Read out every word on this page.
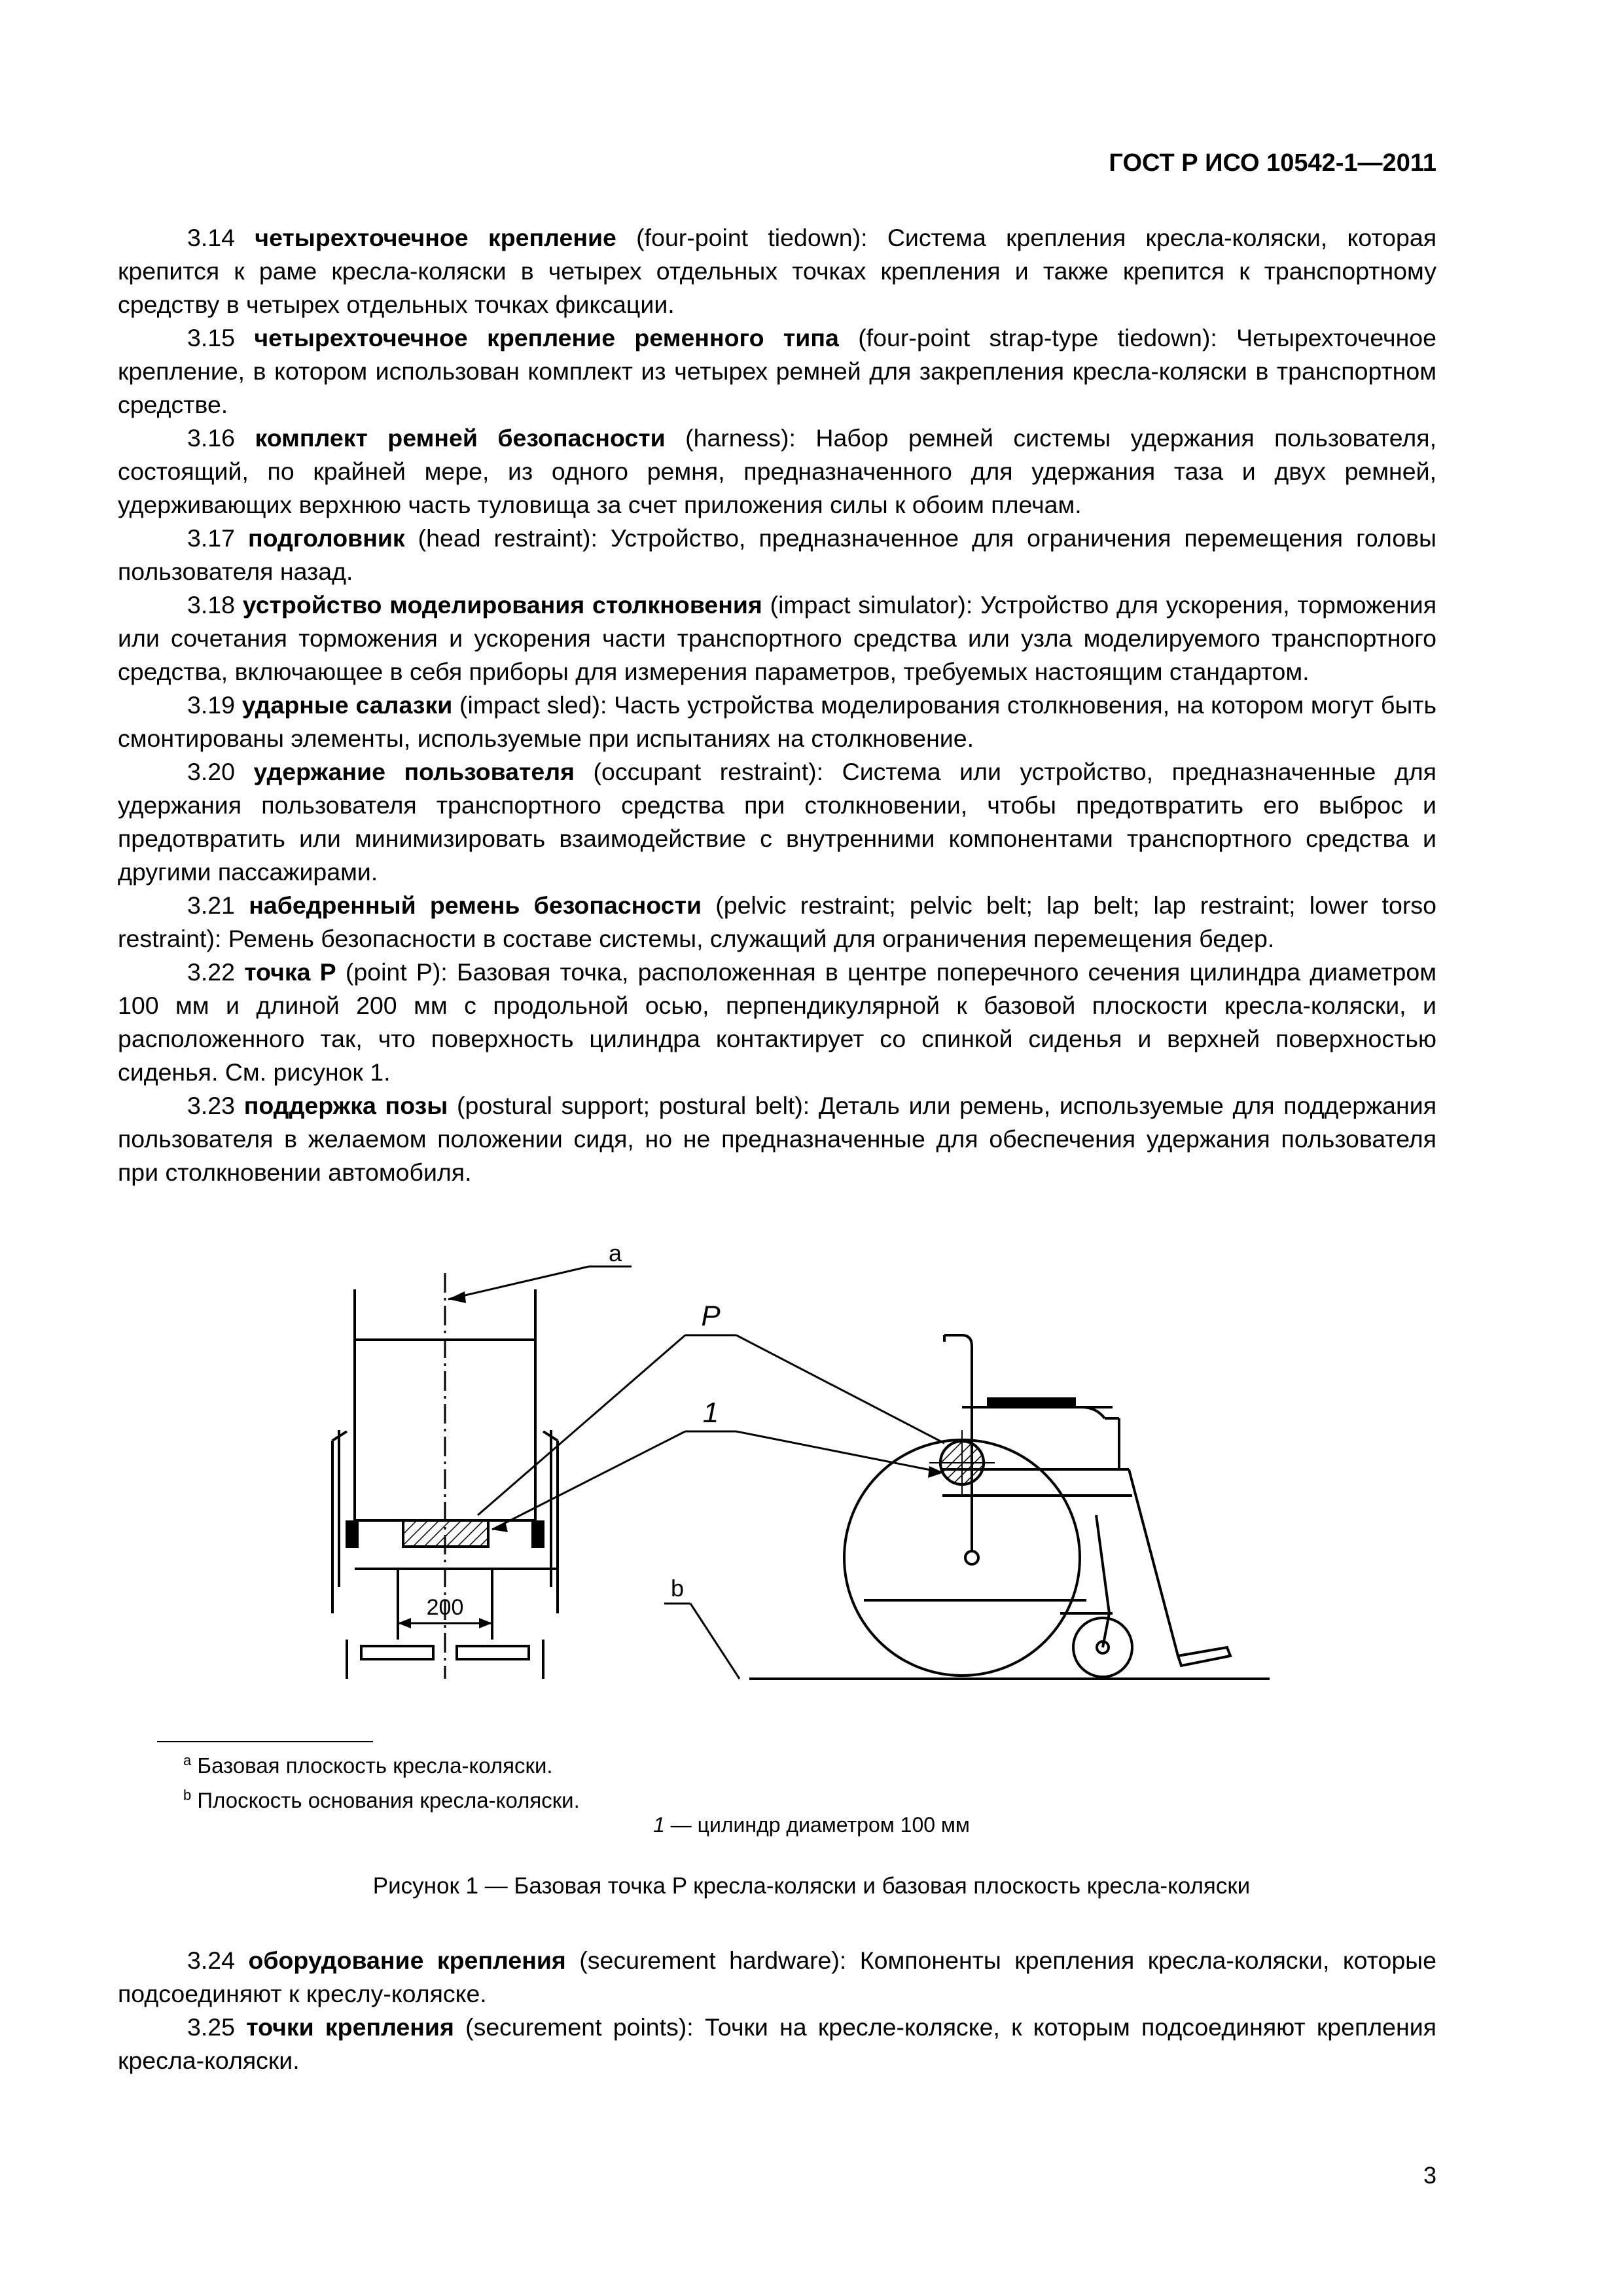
ГОСТ Р ИСО 10542-1—2011

3.14 четырехточечное крепление (four-point tiedown): Система крепления кресла-коляски, которая крепится к раме кресла-коляски в четырех отдельных точках крепления и также крепится к транспортному средству в четырех отдельных точках фиксации.

3.15 четырехточечное крепление ременного типа (four-point strap-type tiedown): Четырехточечное крепление, в котором использован комплект из четырех ремней для закрепления кресла-коляски в транспортном средстве.

3.16 комплект ремней безопасности (harness): Набор ремней системы удержания пользователя, состоящий, по крайней мере, из одного ремня, предназначенного для удержания таза и двух ремней, удерживающих верхнюю часть туловища за счет приложения силы к обоим плечам.

3.17 подголовник (head restraint): Устройство, предназначенное для ограничения перемещения головы пользователя назад.

3.18 устройство моделирования столкновения (impact simulator): Устройство для ускорения, торможения или сочетания торможения и ускорения части транспортного средства или узла моделируемого транспортного средства, включающее в себя приборы для измерения параметров, требуемых настоящим стандартом.

3.19 ударные салазки (impact sled): Часть устройства моделирования столкновения, на котором могут быть смонтированы элементы, используемые при испытаниях на столкновение.

3.20 удержание пользователя (occupant restraint): Система или устройство, предназначенные для удержания пользователя транспортного средства при столкновении, чтобы предотвратить его выброс и предотвратить или минимизировать взаимодействие с внутренними компонентами транспортного средства и другими пассажирами.

3.21 набедренный ремень безопасности (pelvic restraint; pelvic belt; lap belt; lap restraint; lower torso restraint): Ремень безопасности в составе системы, служащий для ограничения перемещения бедер.

3.22 точка P (point P): Базовая точка, расположенная в центре поперечного сечения цилиндра диаметром 100 мм и длиной 200 мм с продольной осью, перпендикулярной к базовой плоскости кресла-коляски, и расположенного так, что поверхность цилиндра контактирует со спинкой сиденья и верхней поверхностью сиденья. См. рисунок 1.

3.23 поддержка позы (postural support; postural belt): Деталь или ремень, используемые для поддержания пользователя в желаемом положении сидя, но не предназначенные для обеспечения удержания пользователя при столкновении автомобиля.

200
a
P
1
b
$^a$ Базовая плоскость кресла-коляски.
$^b$ Плоскость основания кресла-коляски.
1 — цилиндр диаметром 100 мм
Рисунок 1 — Базовая точка P кресла-коляски и базовая плоскость кресла-коляски

3.24 оборудование крепления (securement hardware): Компоненты крепления кресла-коляски, которые подсоединяют к креслу-коляске.

3.25 точки крепления (securement points): Точки на кресле-коляске, к которым подсоединяют крепления кресла-коляски.

3
